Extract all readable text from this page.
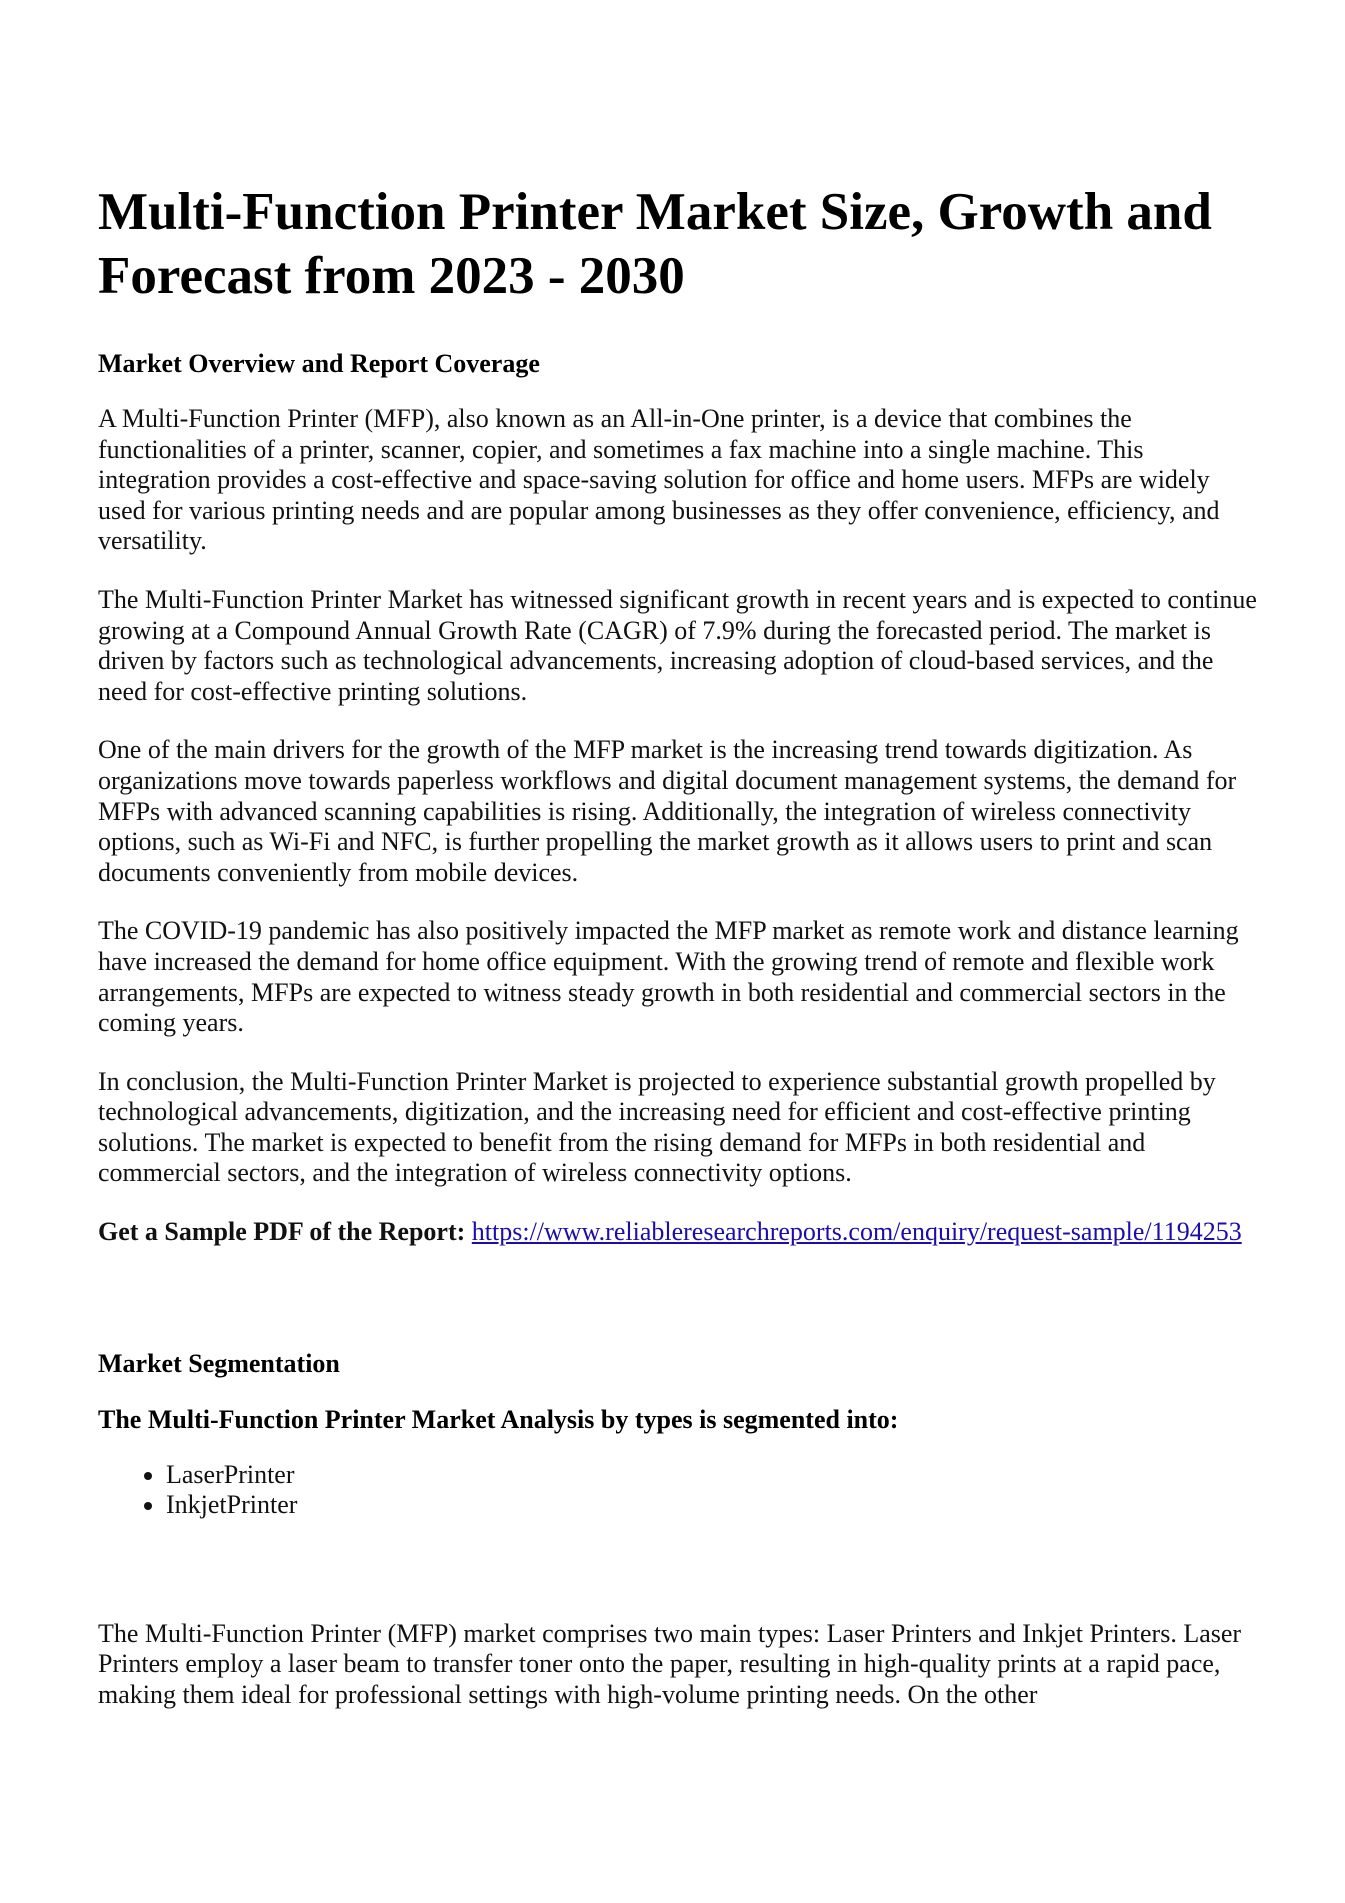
Multi-Function Printer Market Size, Growth and Forecast from 2023 - 2030
Market Overview and Report Coverage

A Multi-Function Printer (MFP), also known as an All-in-One printer, is a device that combines the functionalities of a printer, scanner, copier, and sometimes a fax machine into a single machine. This integration provides a cost-effective and space-saving solution for office and home users. MFPs are widely used for various printing needs and are popular among businesses as they offer convenience, efficiency, and versatility.

The Multi-Function Printer Market has witnessed significant growth in recent years and is expected to continue growing at a Compound Annual Growth Rate (CAGR) of 7.9% during the forecasted period. The market is driven by factors such as technological advancements, increasing adoption of cloud-based services, and the need for cost-effective printing solutions.

One of the main drivers for the growth of the MFP market is the increasing trend towards digitization. As organizations move towards paperless workflows and digital document management systems, the demand for MFPs with advanced scanning capabilities is rising. Additionally, the integration of wireless connectivity options, such as Wi-Fi and NFC, is further propelling the market growth as it allows users to print and scan documents conveniently from mobile devices.

The COVID-19 pandemic has also positively impacted the MFP market as remote work and distance learning have increased the demand for home office equipment. With the growing trend of remote and flexible work arrangements, MFPs are expected to witness steady growth in both residential and commercial sectors in the coming years.

In conclusion, the Multi-Function Printer Market is projected to experience substantial growth propelled by technological advancements, digitization, and the increasing need for efficient and cost-effective printing solutions. The market is expected to benefit from the rising demand for MFPs in both residential and commercial sectors, and the integration of wireless connectivity options.

Get a Sample PDF of the Report: https://www.reliableresearchreports.com/enquiry/request-sample/1194253

Market Segmentation
The Multi-Function Printer Market Analysis by types is segmented into:
• LaserPrinter
• InkjetPrinter

The Multi-Function Printer (MFP) market comprises two main types: Laser Printers and Inkjet Printers. Laser Printers employ a laser beam to transfer toner onto the paper, resulting in high-quality prints at a rapid pace, making them ideal for professional settings with high-volume printing needs. On the other
